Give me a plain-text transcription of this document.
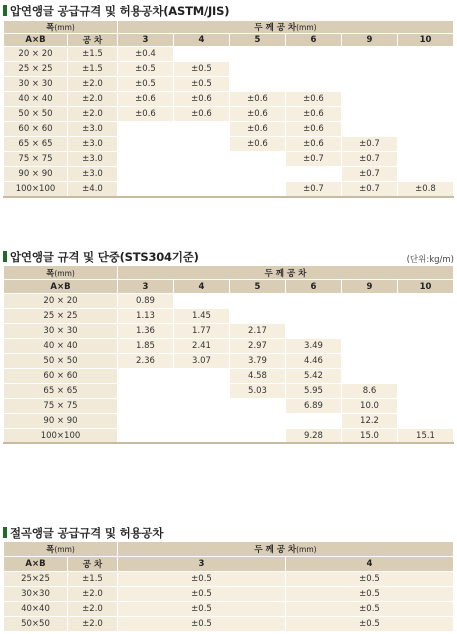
압연앵글 공급규격 및 허용공차(ASTM/JIS)
폭(mm)		두 께 공 차(mm)					
A×B	공 차	3	4	5	6	9	10
20 × 20	±1.5	±0.4					
25 × 25	±1.5	±0.5	±0.5				
30 × 30	±2.0	±0.5	±0.5				
40 × 40	±2.0	±0.6	±0.6	±0.6	±0.6		
50 × 50	±2.0	±0.6	±0.6	±0.6	±0.6		
60 × 60	±3.0			±0.6	±0.6		
65 × 65	±3.0			±0.6	±0.6	±0.7	
75 × 75	±3.0				±0.7	±0.7	
90 × 90	±3.0					±0.7	
100×100	±4.0				±0.7	±0.7	±0.8
압연앵글 규격 및 단중(STS304기준)	(단위:kg/m)
폭(mm)	두 께 공 차					
A×B	3	4	5	6	9	10
20 × 20	0.89					
25 × 25	1.13	1.45				
30 × 30	1.36	1.77	2.17			
40 × 40	1.85	2.41	2.97	3.49		
50 × 50	2.36	3.07	3.79	4.46		
60 × 60			4.58	5.42		
65 × 65			5.03	5.95	8.6	
75 × 75				6.89	10.0	
90 × 90					12.2	
100×100				9.28	15.0	15.1
절곡앵글 공급규격 및 허용공차
폭(mm)		두 께 공 차(mm)	
A×B	공 차	3	4
25×25	±1.5	±0.5	±0.5
30×30	±2.0	±0.5	±0.5
40×40	±2.0	±0.5	±0.5
50×50	±2.0	±0.5	±0.5
